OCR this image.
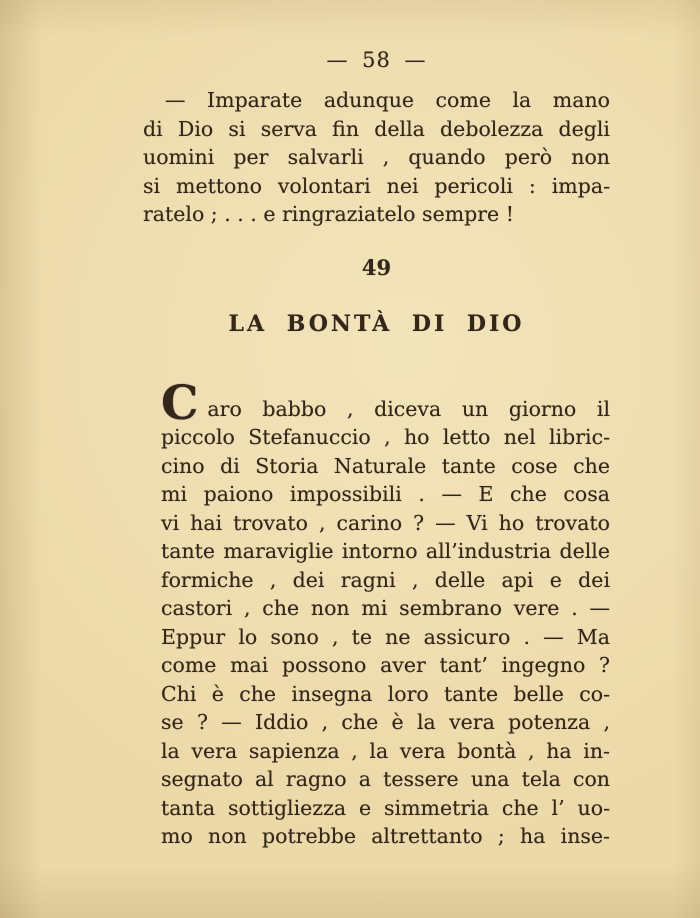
— 58 —
— Imparate adunque come la mano
di Dio si serva fin della debolezza degli
uomini per salvarli , quando però non
si mettono volontari nei pericoli : impa-
ratelo ; . . . e ringraziatelo sempre !
49
LA BONTÀ DI DIO
Caro babbo , diceva un giorno il
piccolo Stefanuccio , ho letto nel libric-
cino di Storia Naturale tante cose che
mi paiono impossibili . — E che cosa
vi hai trovato , carino ? — Vi ho trovato
tante maraviglie intorno all’industria delle
formiche , dei ragni , delle api e dei
castori , che non mi sembrano vere . —
Eppur lo sono , te ne assicuro . — Ma
come mai possono aver tant’ ingegno ?
Chi è che insegna loro tante belle co-
se ? — Iddio , che è la vera potenza ,
la vera sapienza , la vera bontà , ha in-
segnato al ragno a tessere una tela con
tanta sottigliezza e simmetria che l’ uo-
mo non potrebbe altrettanto ; ha inse-
